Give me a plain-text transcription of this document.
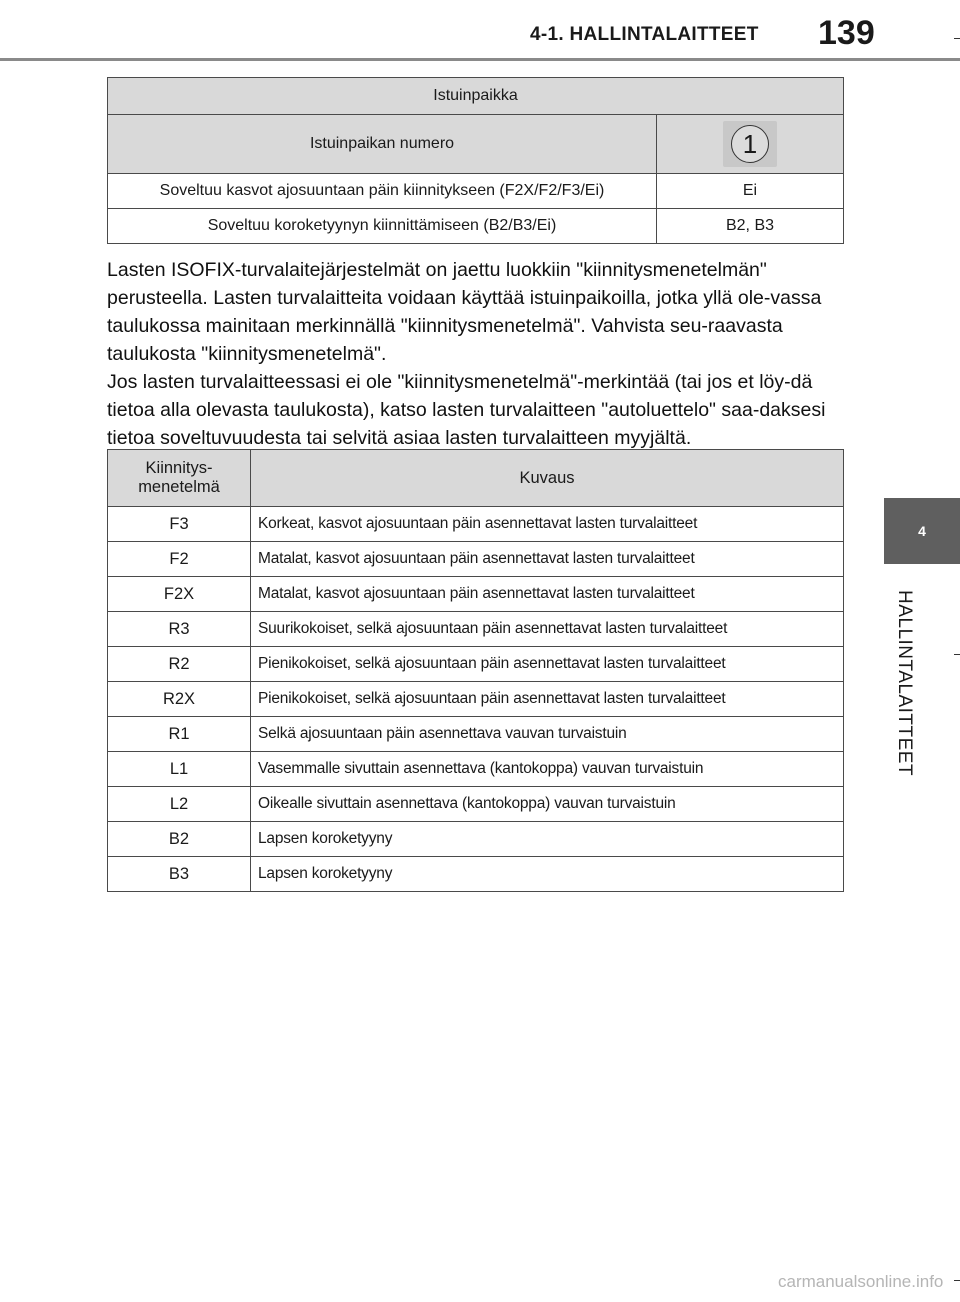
4-1. HALLINTALAITTEET	139
4
HALLINTALAITTEET
Istuinpaikka	
Istuinpaikan numero	1
Soveltuu kasvot ajosuuntaan päin kiinnitykseen (F2X/F2/F3/Ei)	Ei
Soveltuu koroketyynyn kiinnittämiseen (B2/B3/Ei)	B2, B3

Lasten ISOFIX-turvalaitejärjestelmät on jaettu luokkiin "kiinnitysmenetelmän" perusteella. Lasten turvalaitteita voidaan käyttää istuinpaikoilla, jotka yllä ole-vassa taulukossa mainitaan merkinnällä "kiinnitysmenetelmä". Vahvista seu-raavasta taulukosta "kiinnitysmenetelmä".

Jos lasten turvalaitteessasi ei ole "kiinnitysmenetelmä"-merkintää (tai jos et löy-dä tietoa alla olevasta taulukosta), katso lasten turvalaitteen "autoluettelo" saa-daksesi tietoa soveltuvuudesta tai selvitä asiaa lasten turvalaitteen myyjältä.

Kiinnitys-
menetelmä	Kuvaus
F3	Korkeat, kasvot ajosuuntaan päin asennettavat lasten turvalaitteet
F2	Matalat, kasvot ajosuuntaan päin asennettavat lasten turvalaitteet
F2X	Matalat, kasvot ajosuuntaan päin asennettavat lasten turvalaitteet
R3	Suurikokoiset, selkä ajosuuntaan päin asennettavat lasten turvalaitteet
R2	Pienikokoiset, selkä ajosuuntaan päin asennettavat lasten turvalaitteet
R2X	Pienikokoiset, selkä ajosuuntaan päin asennettavat lasten turvalaitteet
R1	Selkä ajosuuntaan päin asennettava vauvan turvaistuin
L1	Vasemmalle sivuttain asennettava (kantokoppa) vauvan turvaistuin
L2	Oikealle sivuttain asennettava (kantokoppa) vauvan turvaistuin
B2	Lapsen koroketyyny
B3	Lapsen koroketyyny
carmanualsonline.info
